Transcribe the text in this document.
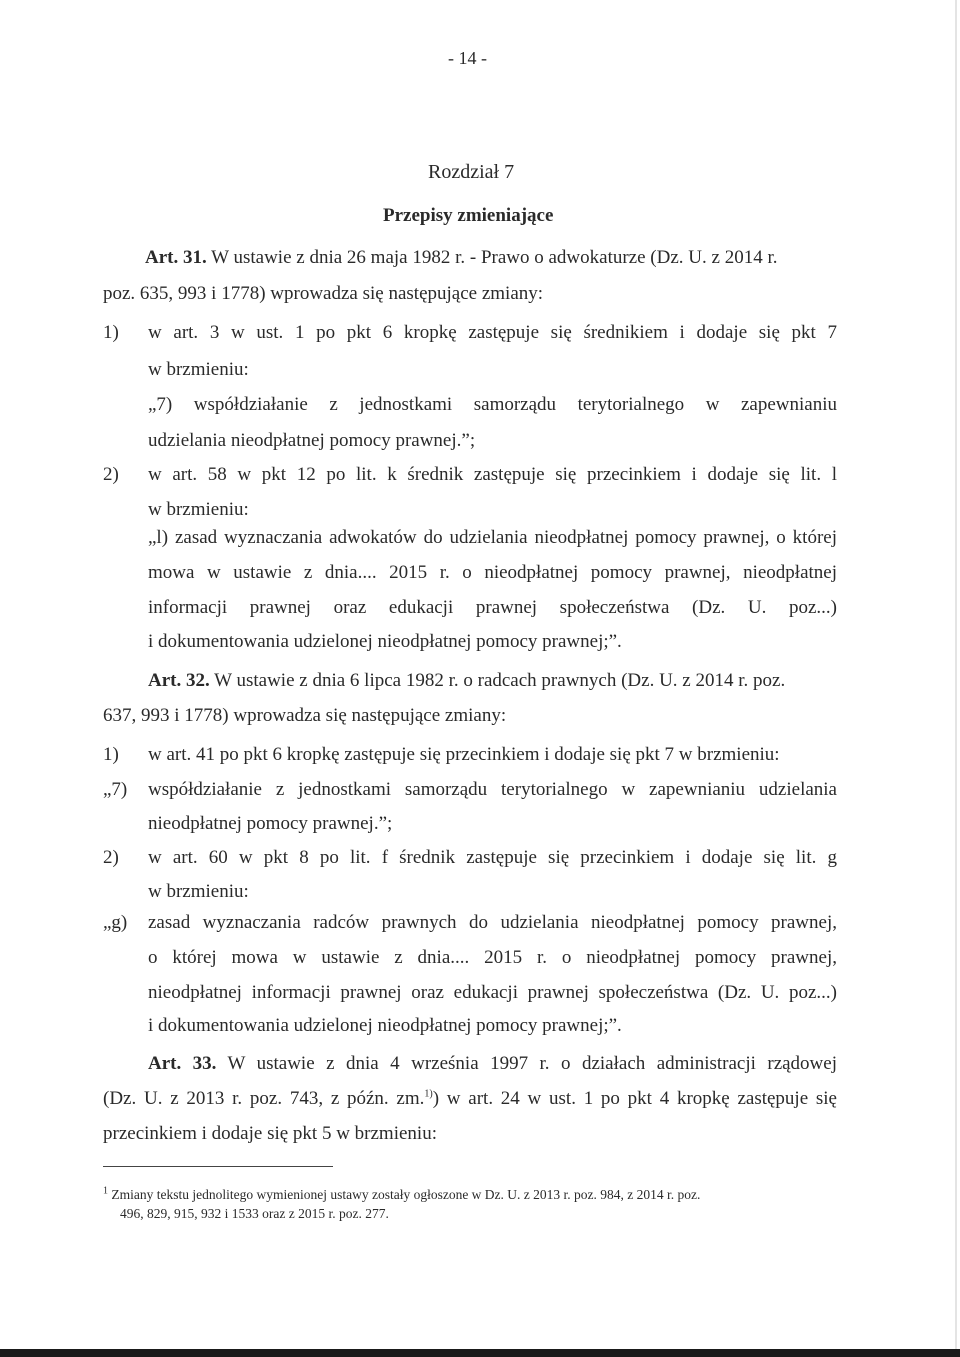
- 14 -
Rozdział 7
Przepisy zmieniające
Art. 31. W ustawie z dnia 26 maja 1982 r. - Prawo o adwokaturze (Dz. U. z 2014 r.
poz. 635, 993 i 1778) wprowadza się następujące zmiany:
1) w art. 3 w ust. 1 po pkt 6 kropkę zastępuje się średnikiem i dodaje się pkt 7
w brzmieniu:
„7) współdziałanie z jednostkami samorządu terytorialnego w zapewnianiu
udzielania nieodpłatnej pomocy prawnej.”;
2) w art. 58 w pkt 12 po lit. k średnik zastępuje się przecinkiem i dodaje się lit. l
w brzmieniu:
„l) zasad wyznaczania adwokatów do udzielania nieodpłatnej pomocy prawnej, o której
mowa w ustawie z dnia.... 2015 r. o nieodpłatnej pomocy prawnej, nieodpłatnej
informacji prawnej oraz edukacji prawnej społeczeństwa (Dz. U. poz...)
i dokumentowania udzielonej nieodpłatnej pomocy prawnej;”.
Art. 32. W ustawie z dnia 6 lipca 1982 r. o radcach prawnych (Dz. U. z 2014 r. poz.
637, 993 i 1778) wprowadza się następujące zmiany:
1) w art. 41 po pkt 6 kropkę zastępuje się przecinkiem i dodaje się pkt 7 w brzmieniu:
„7) współdziałanie z jednostkami samorządu terytorialnego w zapewnianiu udzielania
nieodpłatnej pomocy prawnej.”;
2) w art. 60 w pkt 8 po lit. f średnik zastępuje się przecinkiem i dodaje się lit. g
w brzmieniu:
„g) zasad wyznaczania radców prawnych do udzielania nieodpłatnej pomocy prawnej,
o której mowa w ustawie z dnia.... 2015 r. o nieodpłatnej pomocy prawnej,
nieodpłatnej informacji prawnej oraz edukacji prawnej społeczeństwa (Dz. U. poz...)
i dokumentowania udzielonej nieodpłatnej pomocy prawnej;”.
Art. 33. W ustawie z dnia 4 września 1997 r. o działach administracji rządowej
(Dz. U. z 2013 r. poz. 743, z późn. zm.$^{1)}$) w art. 24 w ust. 1 po pkt 4 kropkę zastępuje się
przecinkiem i dodaje się pkt 5 w brzmieniu:
$^1$ Zmiany tekstu jednolitego wymienionej ustawy zostały ogłoszone w Dz. U. z 2013 r. poz. 984, z 2014 r. poz.
496, 829, 915, 932 i 1533 oraz z 2015 r. poz. 277.
